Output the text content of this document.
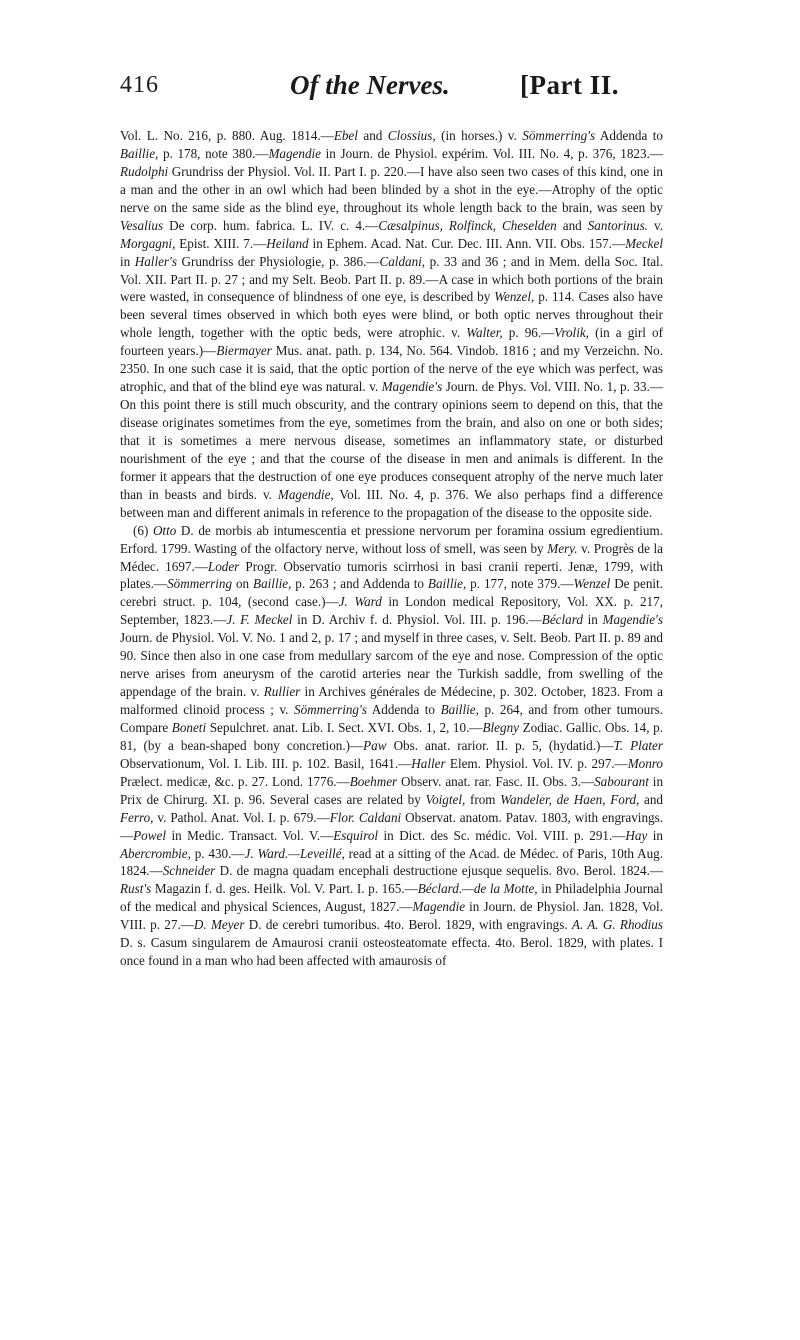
416	Of the Nerves.	[Part II.

Vol. L. No. 216, p. 880. Aug. 1814.—Ebel and Clossius, (in horses.) v. Sömmerring's Addenda to Baillie, p. 178, note 380.—Magendie in Journ. de Physiol. expérim. Vol. III. No. 4, p. 376, 1823.—Rudolphi Grundriss der Physiol. Vol. II. Part I. p. 220.—I have also seen two cases of this kind, one in a man and the other in an owl which had been blinded by a shot in the eye.—Atrophy of the optic nerve on the same side as the blind eye, throughout its whole length back to the brain, was seen by Vesalius De corp. hum. fabrica. L. IV. c. 4.—Cæsalpinus, Rolfinck, Cheselden and Santorinus. v. Morgagni, Epist. XIII. 7.—Heiland in Ephem. Acad. Nat. Cur. Dec. III. Ann. VII. Obs. 157.—Meckel in Haller's Grundriss der Physiologie, p. 386.—Caldani, p. 33 and 36 ; and in Mem. della Soc. Ital. Vol. XII. Part II. p. 27 ; and my Selt. Beob. Part II. p. 89.—A case in which both portions of the brain were wasted, in consequence of blindness of one eye, is described by Wenzel, p. 114. Cases also have been several times observed in which both eyes were blind, or both optic nerves throughout their whole length, together with the optic beds, were atrophic. v. Walter, p. 96.—Vrolik, (in a girl of fourteen years.)—Biermayer Mus. anat. path. p. 134, No. 564. Vindob. 1816 ; and my Verzeichn. No. 2350. In one such case it is said, that the optic portion of the nerve of the eye which was perfect, was atrophic, and that of the blind eye was natural. v. Magendie's Journ. de Phys. Vol. VIII. No. 1, p. 33.—On this point there is still much obscurity, and the contrary opinions seem to depend on this, that the disease originates sometimes from the eye, sometimes from the brain, and also on one or both sides; that it is sometimes a mere nervous disease, sometimes an inflammatory state, or disturbed nourishment of the eye ; and that the course of the disease in men and animals is different. In the former it appears that the destruction of one eye produces consequent atrophy of the nerve much later than in beasts and birds. v. Magendie, Vol. III. No. 4, p. 376. We also perhaps find a difference between man and different animals in reference to the propagation of the disease to the opposite side.

(6) Otto D. de morbis ab intumescentia et pressione nervorum per foramina ossium egredientium. Erford. 1799. Wasting of the olfactory nerve, without loss of smell, was seen by Mery. v. Progrès de la Médec. 1697.—Loder Progr. Observatio tumoris scirrhosi in basi cranii reperti. Jenæ, 1799, with plates.—Sömmerring on Baillie, p. 263 ; and Addenda to Baillie, p. 177, note 379.—Wenzel De penit. cerebri struct. p. 104, (second case.)—J. Ward in London medical Repository, Vol. XX. p. 217, September, 1823.—J. F. Meckel in D. Archiv f. d. Physiol. Vol. III. p. 196.—Béclard in Magendie's Journ. de Physiol. Vol. V. No. 1 and 2, p. 17 ; and myself in three cases, v. Selt. Beob. Part II. p. 89 and 90. Since then also in one case from medullary sarcom of the eye and nose. Compression of the optic nerve arises from aneurysm of the carotid arteries near the Turkish saddle, from swelling of the appendage of the brain. v. Rullier in Archives générales de Médecine, p. 302. October, 1823. From a malformed clinoid process ; v. Sömmerring's Addenda to Baillie, p. 264, and from other tumours. Compare Boneti Sepulchret. anat. Lib. I. Sect. XVI. Obs. 1, 2, 10.—Blegny Zodiac. Gallic. Obs. 14, p. 81, (by a bean-shaped bony concretion.)—Paw Obs. anat. rarior. II. p. 5, (hydatid.)—T. Plater Observationum, Vol. I. Lib. III. p. 102. Basil, 1641.—Haller Elem. Physiol. Vol. IV. p. 297.—Monro Prælect. medicæ, &c. p. 27. Lond. 1776.—Boehmer Observ. anat. rar. Fasc. II. Obs. 3.—Sabourant in Prix de Chirurg. XI. p. 96. Several cases are related by Voigtel, from Wandeler, de Haen, Ford, and Ferro, v. Pathol. Anat. Vol. I. p. 679.—Flor. Caldani Observat. anatom. Patav. 1803, with engravings.—Powel in Medic. Transact. Vol. V.—Esquirol in Dict. des Sc. médic. Vol. VIII. p. 291.—Hay in Abercrombie, p. 430.—J. Ward.—Leveillé, read at a sitting of the Acad. de Médec. of Paris, 10th Aug. 1824.—Schneider D. de magna quadam encephali destructione ejusque sequelis. 8vo. Berol. 1824.—Rust's Magazin f. d. ges. Heilk. Vol. V. Part. I. p. 165.—Béclard.—de la Motte, in Philadelphia Journal of the medical and physical Sciences, August, 1827.—Magendie in Journ. de Physiol. Jan. 1828, Vol. VIII. p. 27.—D. Meyer D. de cerebri tumoribus. 4to. Berol. 1829, with engravings. A. A. G. Rhodius D. s. Casum singularem de Amaurosi cranii osteosteatomate effecta. 4to. Berol. 1829, with plates. I once found in a man who had been affected with amaurosis of
